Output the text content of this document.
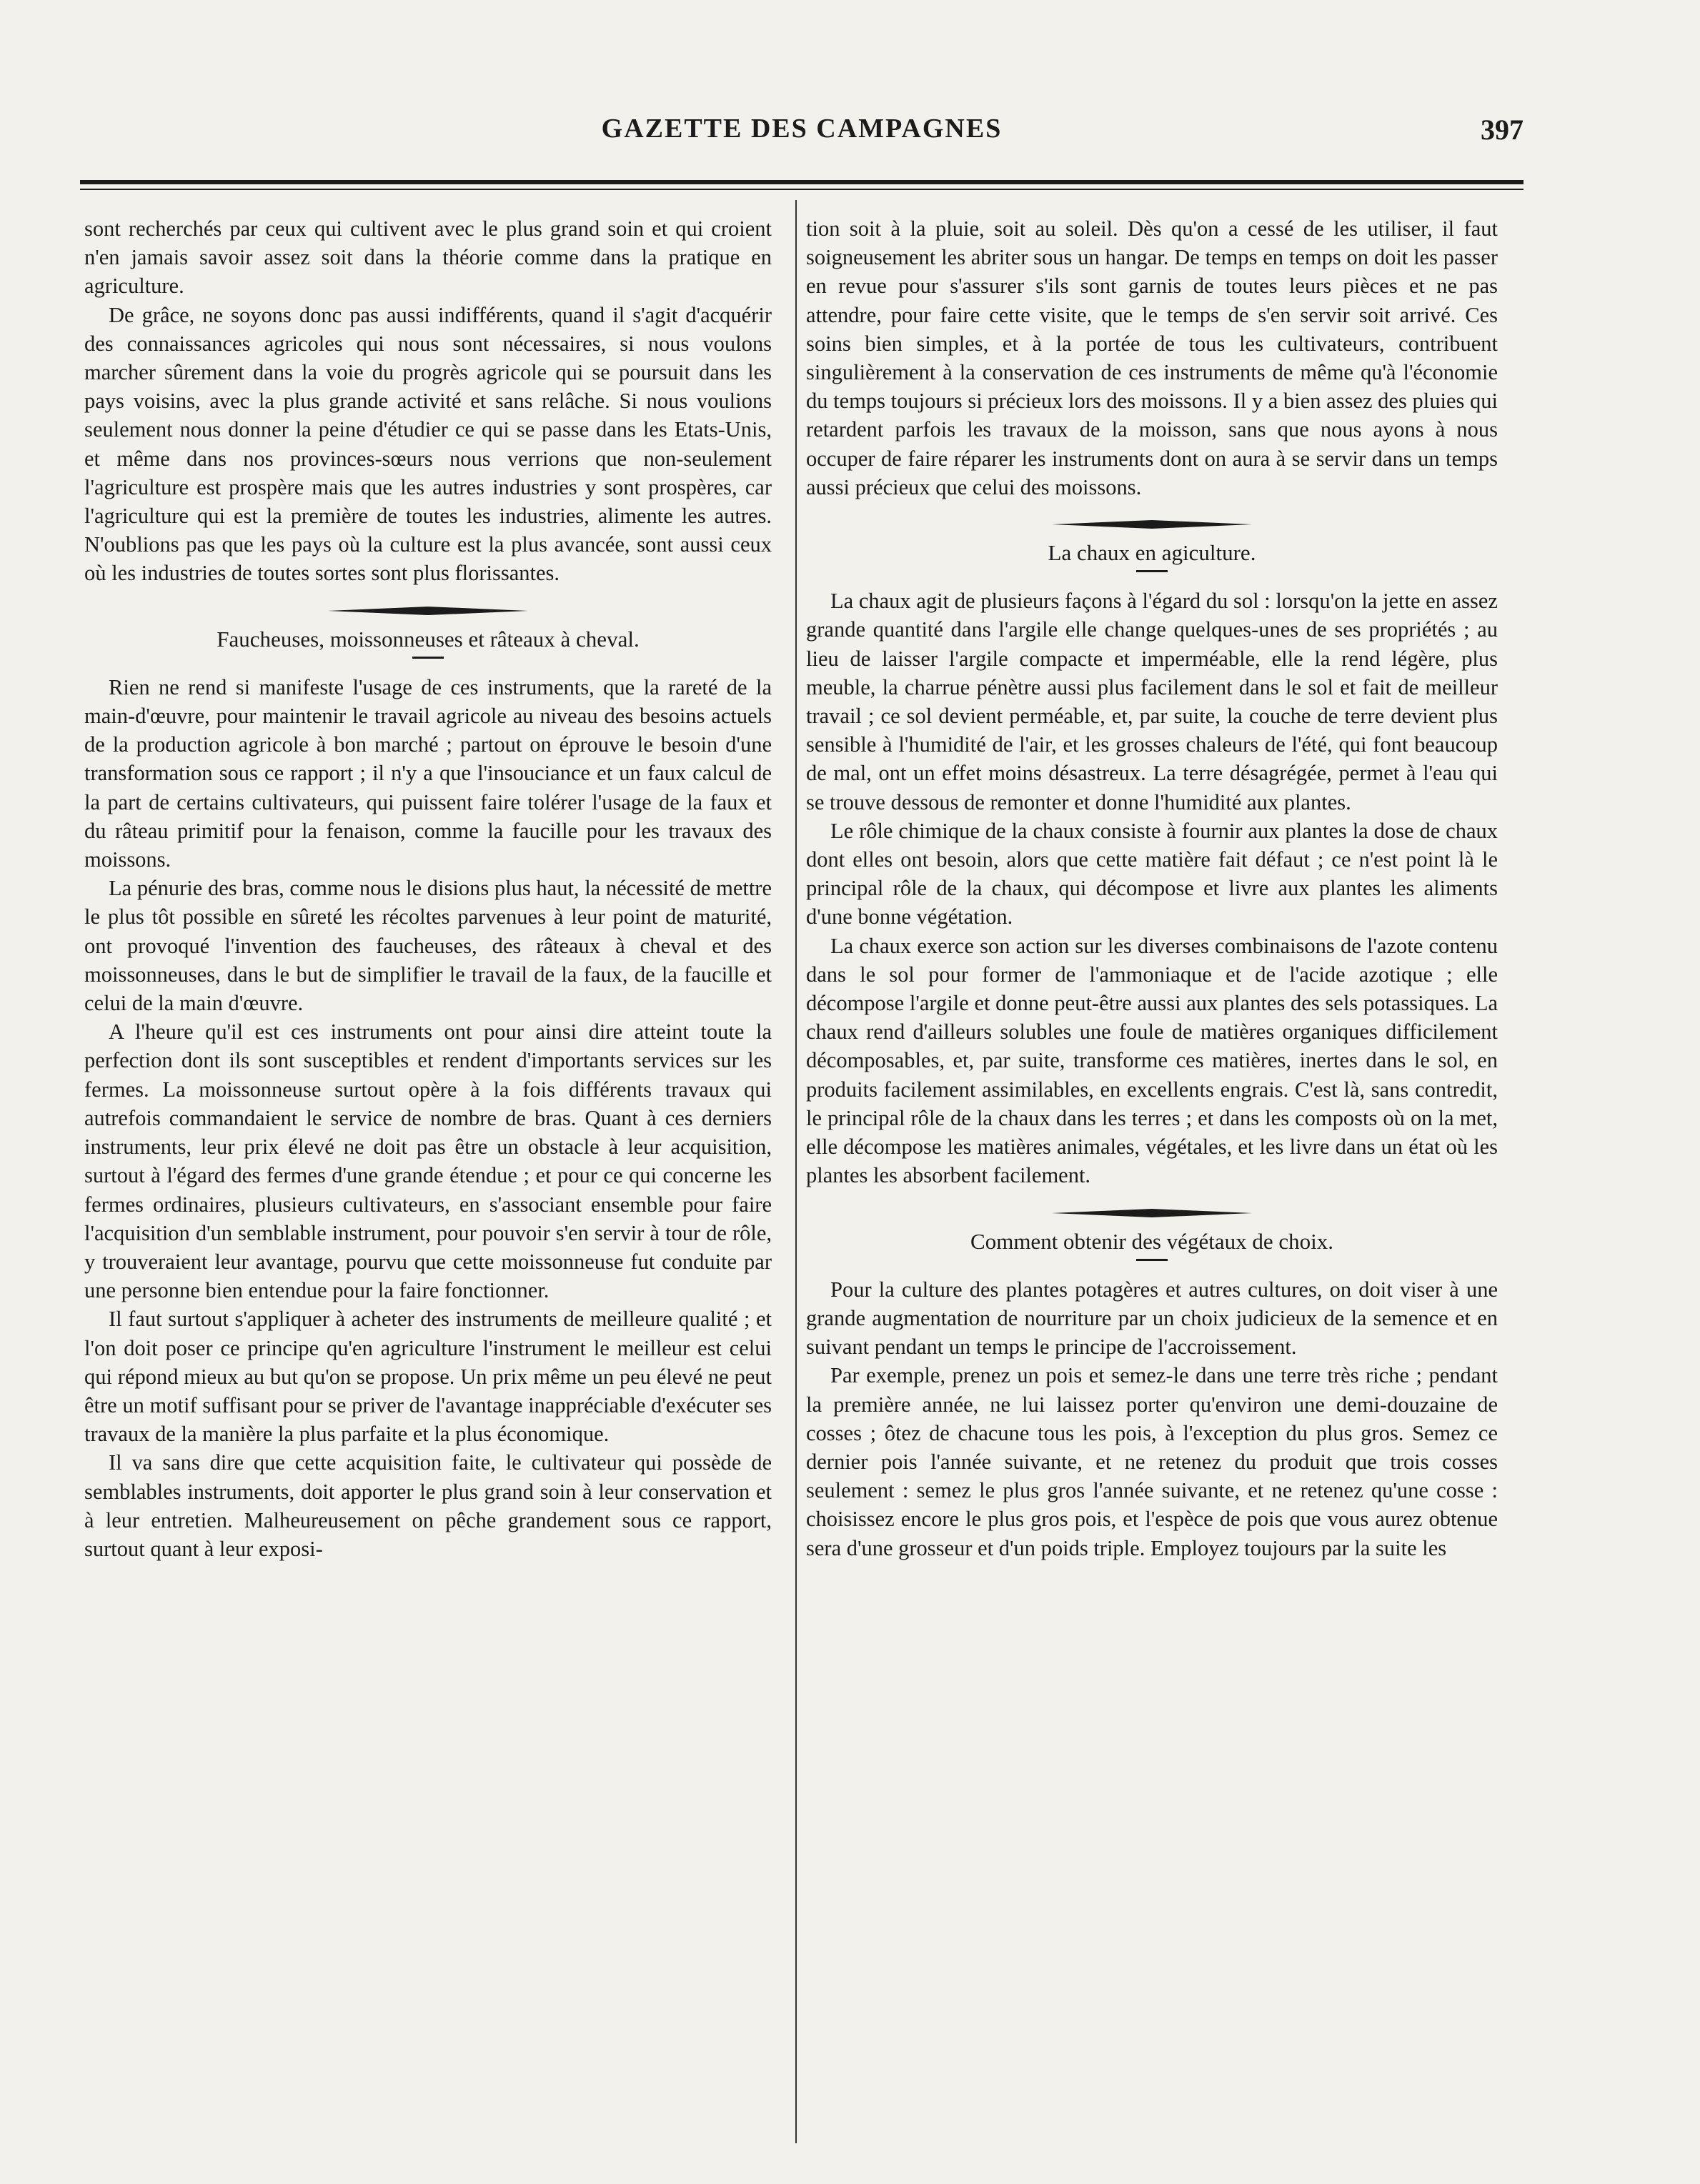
GAZETTE DES CAMPAGNES	397

sont recherchés par ceux qui cultivent avec le plus grand soin et qui croient n'en jamais savoir assez soit dans la théorie comme dans la pratique en agriculture.

De grâce, ne soyons donc pas aussi indifférents, quand il s'agit d'acquérir des connaissances agricoles qui nous sont nécessaires, si nous voulons marcher sûrement dans la voie du progrès agricole qui se poursuit dans les pays voisins, avec la plus grande activité et sans relâche. Si nous voulions seulement nous donner la peine d'étudier ce qui se passe dans les Etats-Unis, et même dans nos provinces-sœurs nous verrions que non-seulement l'agriculture est prospère mais que les autres industries y sont prospères, car l'agriculture qui est la première de toutes les industries, alimente les autres. N'oublions pas que les pays où la culture est la plus avancée, sont aussi ceux où les industries de toutes sortes sont plus florissantes.

Faucheuses, moissonneuses et râteaux à cheval.

Rien ne rend si manifeste l'usage de ces instruments, que la rareté de la main-d'œuvre, pour maintenir le travail agricole au niveau des besoins actuels de la production agricole à bon marché ; partout on éprouve le besoin d'une transformation sous ce rapport ; il n'y a que l'insouciance et un faux calcul de la part de certains cultivateurs, qui puissent faire tolérer l'usage de la faux et du râteau primitif pour la fenaison, comme la faucille pour les travaux des moissons.

La pénurie des bras, comme nous le disions plus haut, la nécessité de mettre le plus tôt possible en sûreté les récoltes parvenues à leur point de maturité, ont provoqué l'invention des faucheuses, des râteaux à cheval et des moissonneuses, dans le but de simplifier le travail de la faux, de la faucille et celui de la main d'œuvre.

A l'heure qu'il est ces instruments ont pour ainsi dire atteint toute la perfection dont ils sont susceptibles et rendent d'importants services sur les fermes. La moissonneuse surtout opère à la fois différents travaux qui autrefois commandaient le service de nombre de bras. Quant à ces derniers instruments, leur prix élevé ne doit pas être un obstacle à leur acquisition, surtout à l'égard des fermes d'une grande étendue ; et pour ce qui concerne les fermes ordinaires, plusieurs cultivateurs, en s'associant ensemble pour faire l'acquisition d'un semblable instrument, pour pouvoir s'en servir à tour de rôle, y trouveraient leur avantage, pourvu que cette moissonneuse fut conduite par une personne bien entendue pour la faire fonctionner.

Il faut surtout s'appliquer à acheter des instruments de meilleure qualité ; et l'on doit poser ce principe qu'en agriculture l'instrument le meilleur est celui qui répond mieux au but qu'on se propose. Un prix même un peu élevé ne peut être un motif suffisant pour se priver de l'avantage inappréciable d'exécuter ses travaux de la manière la plus parfaite et la plus économique.

Il va sans dire que cette acquisition faite, le cultivateur qui possède de semblables instruments, doit apporter le plus grand soin à leur conservation et à leur entretien. Malheureusement on pêche grandement sous ce rapport, surtout quant à leur exposi-

tion soit à la pluie, soit au soleil. Dès qu'on a cessé de les utiliser, il faut soigneusement les abriter sous un hangar. De temps en temps on doit les passer en revue pour s'assurer s'ils sont garnis de toutes leurs pièces et ne pas attendre, pour faire cette visite, que le temps de s'en servir soit arrivé. Ces soins bien simples, et à la portée de tous les cultivateurs, contribuent singulièrement à la conservation de ces instruments de même qu'à l'économie du temps toujours si précieux lors des moissons. Il y a bien assez des pluies qui retardent parfois les travaux de la moisson, sans que nous ayons à nous occuper de faire réparer les instruments dont on aura à se servir dans un temps aussi précieux que celui des moissons.

La chaux en agiculture.

La chaux agit de plusieurs façons à l'égard du sol : lorsqu'on la jette en assez grande quantité dans l'argile elle change quelques-unes de ses propriétés ; au lieu de laisser l'argile compacte et imperméable, elle la rend légère, plus meuble, la charrue pénètre aussi plus facilement dans le sol et fait de meilleur travail ; ce sol devient perméable, et, par suite, la couche de terre devient plus sensible à l'humidité de l'air, et les grosses chaleurs de l'été, qui font beaucoup de mal, ont un effet moins désastreux. La terre désagrégée, permet à l'eau qui se trouve dessous de remonter et donne l'humidité aux plantes.

Le rôle chimique de la chaux consiste à fournir aux plantes la dose de chaux dont elles ont besoin, alors que cette matière fait défaut ; ce n'est point là le principal rôle de la chaux, qui décompose et livre aux plantes les aliments d'une bonne végétation.

La chaux exerce son action sur les diverses combinaisons de l'azote contenu dans le sol pour former de l'ammoniaque et de l'acide azotique ; elle décompose l'argile et donne peut-être aussi aux plantes des sels potassiques. La chaux rend d'ailleurs solubles une foule de matières organiques difficilement décomposables, et, par suite, transforme ces matières, inertes dans le sol, en produits facilement assimilables, en excellents engrais. C'est là, sans contredit, le principal rôle de la chaux dans les terres ; et dans les composts où on la met, elle décompose les matières animales, végétales, et les livre dans un état où les plantes les absorbent facilement.

Comment obtenir des végétaux de choix.

Pour la culture des plantes potagères et autres cultures, on doit viser à une grande augmentation de nourriture par un choix judicieux de la semence et en suivant pendant un temps le principe de l'accroissement.

Par exemple, prenez un pois et semez-le dans une terre très riche ; pendant la première année, ne lui laissez porter qu'environ une demi-douzaine de cosses ; ôtez de chacune tous les pois, à l'exception du plus gros. Semez ce dernier pois l'année suivante, et ne retenez du produit que trois cosses seulement : semez le plus gros l'année suivante, et ne retenez qu'une cosse : choisissez encore le plus gros pois, et l'espèce de pois que vous aurez obtenue sera d'une grosseur et d'un poids triple. Employez toujours par la suite les
